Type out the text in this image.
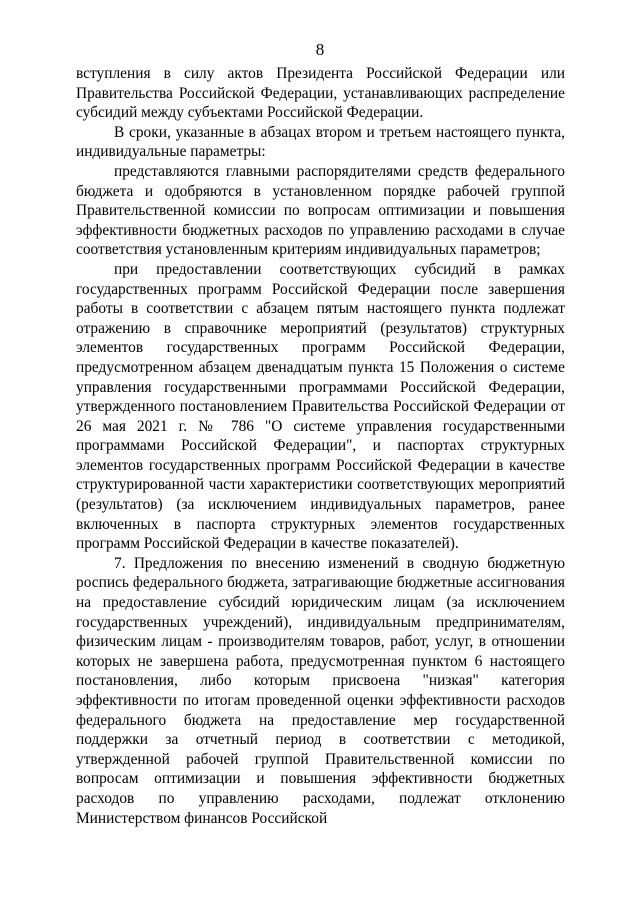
8

вступления в силу актов Президента Российской Федерации или Правительства Российской Федерации, устанавливающих распределение субсидий между субъектами Российской Федерации.

В сроки, указанные в абзацах втором и третьем настоящего пункта, индивидуальные параметры:

представляются главными распорядителями средств федерального бюджета и одобряются в установленном порядке рабочей группой Правительственной комиссии по вопросам оптимизации и повышения эффективности бюджетных расходов по управлению расходами в случае соответствия установленным критериям индивидуальных параметров;

при предоставлении соответствующих субсидий в рамках государственных программ Российской Федерации после завершения работы в соответствии с абзацем пятым настоящего пункта подлежат отражению в справочнике мероприятий (результатов) структурных элементов государственных программ Российской Федерации, предусмотренном абзацем двенадцатым пункта 15 Положения о системе управления государственными программами Российской Федерации, утвержденного постановлением Правительства Российской Федерации от 26 мая 2021 г. № 786 "О системе управления государственными программами Российской Федерации", и паспортах структурных элементов государственных программ Российской Федерации в качестве структурированной части характеристики соответствующих мероприятий (результатов) (за исключением индивидуальных параметров, ранее включенных в паспорта структурных элементов государственных программ Российской Федерации в качестве показателей).

7. Предложения по внесению изменений в сводную бюджетную роспись федерального бюджета, затрагивающие бюджетные ассигнования на предоставление субсидий юридическим лицам (за исключением государственных учреждений), индивидуальным предпринимателям, физическим лицам - производителям товаров, работ, услуг, в отношении которых не завершена работа, предусмотренная пунктом 6 настоящего постановления, либо которым присвоена "низкая" категория эффективности по итогам проведенной оценки эффективности расходов федерального бюджета на предоставление мер государственной поддержки за отчетный период в соответствии с методикой, утвержденной рабочей группой Правительственной комиссии по вопросам оптимизации и повышения эффективности бюджетных расходов по управлению расходами, подлежат отклонению Министерством финансов Российской
